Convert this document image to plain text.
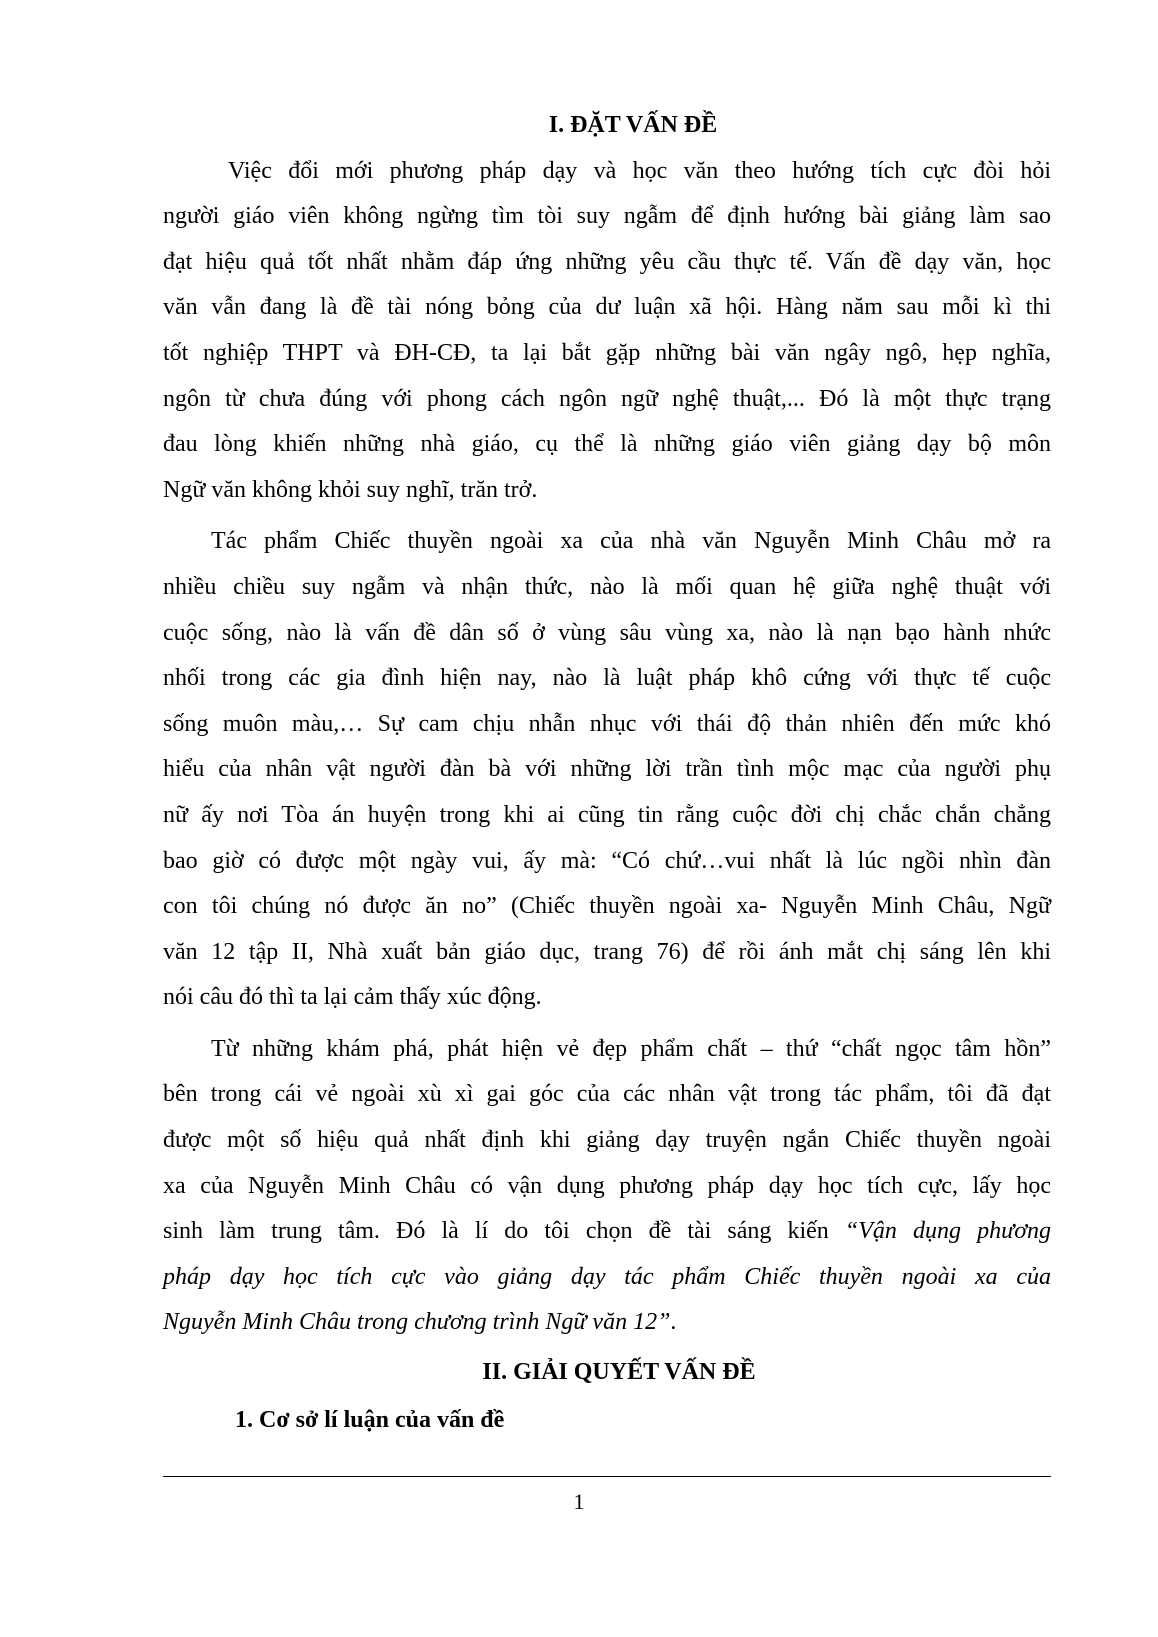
I. ĐẶT VẤN ĐỀ
Việc đổi mới phương pháp dạy và học văn theo hướng tích cực đòi hỏi
người giáo viên không ngừng tìm tòi suy ngẫm để định hướng bài giảng làm sao
đạt hiệu quả tốt nhất nhằm đáp ứng những yêu cầu thực tế. Vấn đề dạy văn, học
văn vẫn đang là đề tài nóng bỏng của dư luận xã hội. Hàng năm sau mỗi kì thi
tốt nghiệp THPT và ĐH-CĐ, ta lại bắt gặp những bài văn ngây ngô, hẹp nghĩa,
ngôn từ chưa đúng với phong cách ngôn ngữ nghệ thuật,... Đó là một thực trạng
đau lòng khiến những nhà giáo, cụ thể là những giáo viên giảng dạy bộ môn
Ngữ văn không khỏi suy nghĩ, trăn trở.
Tác phẩm Chiếc thuyền ngoài xa của nhà văn Nguyễn Minh Châu mở ra
nhiều chiều suy ngẫm và nhận thức, nào là mối quan hệ giữa nghệ thuật với
cuộc sống, nào là vấn đề dân số ở vùng sâu vùng xa, nào là nạn bạo hành nhức
nhối trong các gia đình hiện nay, nào là luật pháp khô cứng với thực tế cuộc
sống muôn màu,… Sự cam chịu nhẫn nhục với thái độ thản nhiên đến mức khó
hiểu của nhân vật người đàn bà với những lời trần tình mộc mạc của người phụ
nữ ấy nơi Tòa án huyện trong khi ai cũng tin rằng cuộc đời chị chắc chắn chẳng
bao giờ có được một ngày vui, ấy mà: “Có chứ…vui nhất là lúc ngồi nhìn đàn
con tôi chúng nó được ăn no” (Chiếc thuyền ngoài xa- Nguyễn Minh Châu, Ngữ
văn 12 tập II, Nhà xuất bản giáo dục, trang 76) để rồi ánh mắt chị sáng lên khi
nói câu đó thì ta lại cảm thấy xúc động.
Từ những khám phá, phát hiện vẻ đẹp phẩm chất – thứ “chất ngọc tâm hồn”
bên trong cái vẻ ngoài xù xì gai góc của các nhân vật trong tác phẩm, tôi đã đạt
được một số hiệu quả nhất định khi giảng dạy truyện ngắn Chiếc thuyền ngoài
xa của Nguyễn Minh Châu có vận dụng phương pháp dạy học tích cực, lấy học
sinh làm trung tâm. Đó là lí do tôi chọn đề tài sáng kiến “Vận dụng phương
pháp dạy học tích cực vào giảng dạy tác phẩm Chiếc thuyền ngoài xa của
Nguyễn Minh Châu trong chương trình Ngữ văn 12”.
II. GIẢI QUYẾT VẤN ĐỀ
1. Cơ sở lí luận của vấn đề
1
